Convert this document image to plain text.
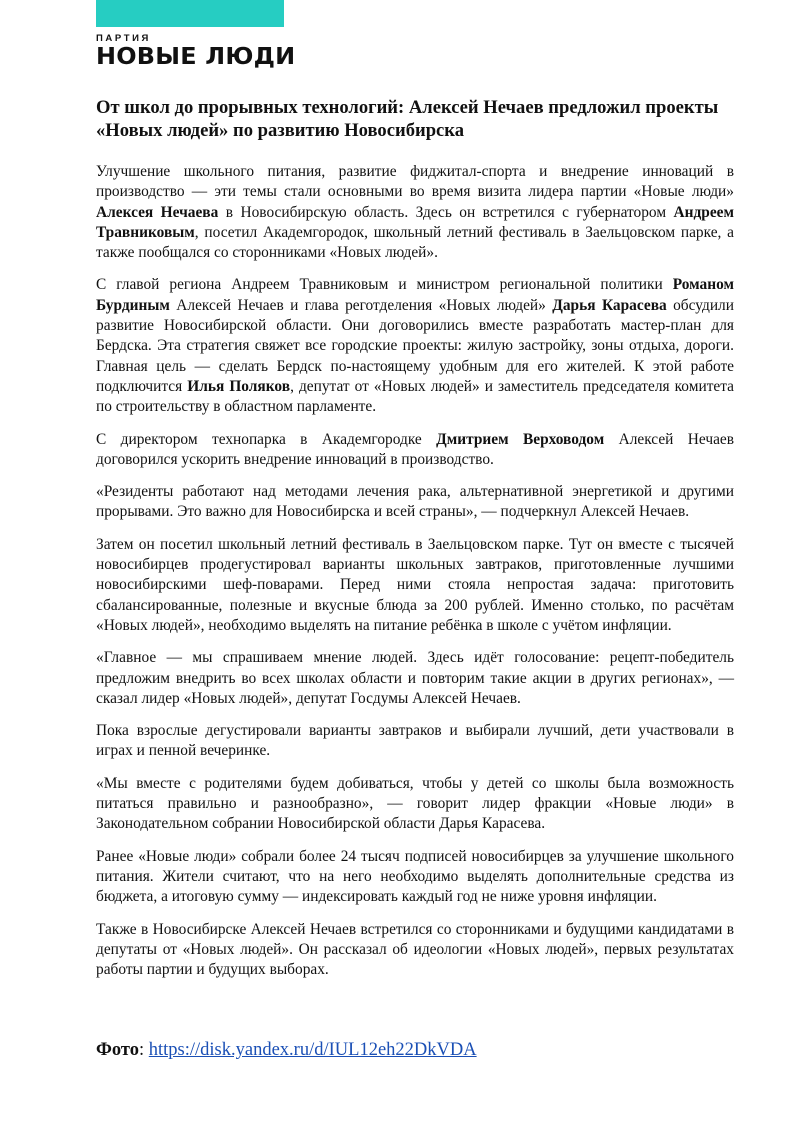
ПАРТИЯ
НОВЫЕ ЛЮДИ
От школ до прорывных технологий: Алексей Нечаев предложил проекты «Новых людей» по развитию Новосибирска

Улучшение школьного питания, развитие фиджитал-спорта и внедрение инноваций в производство — эти темы стали основными во время визита лидера партии «Новые люди» Алексея Нечаева в Новосибирскую область. Здесь он встретился с губернатором Андреем Травниковым, посетил Академгородок, школьный летний фестиваль в Заельцовском парке, а также пообщался со сторонниками «Новых людей».

С главой региона Андреем Травниковым и министром региональной политики Романом Бурдиным Алексей Нечаев и глава реготделения «Новых людей» Дарья Карасева обсудили развитие Новосибирской области. Они договорились вместе разработать мастер-план для Бердска. Эта стратегия свяжет все городские проекты: жилую застройку, зоны отдыха, дороги. Главная цель — сделать Бердск по-настоящему удобным для его жителей. К этой работе подключится Илья Поляков, депутат от «Новых людей» и заместитель председателя комитета по строительству в областном парламенте.

С директором технопарка в Академгородке Дмитрием Верховодом Алексей Нечаев договорился ускорить внедрение инноваций в производство.

«Резиденты работают над методами лечения рака, альтернативной энергетикой и другими прорывами. Это важно для Новосибирска и всей страны», — подчеркнул Алексей Нечаев.

Затем он посетил школьный летний фестиваль в Заельцовском парке. Тут он вместе с тысячей новосибирцев продегустировал варианты школьных завтраков, приготовленные лучшими новосибирскими шеф-поварами. Перед ними стояла непростая задача: приготовить сбалансированные, полезные и вкусные блюда за 200 рублей. Именно столько, по расчётам «Новых людей», необходимо выделять на питание ребёнка в школе с учётом инфляции.

«Главное — мы спрашиваем мнение людей. Здесь идёт голосование: рецепт-победитель предложим внедрить во всех школах области и повторим такие акции в других регионах», — сказал лидер «Новых людей», депутат Госдумы Алексей Нечаев.

Пока взрослые дегустировали варианты завтраков и выбирали лучший, дети участвовали в играх и пенной вечеринке.

«Мы вместе с родителями будем добиваться, чтобы у детей со школы была возможность питаться правильно и разнообразно», — говорит лидер фракции «Новые люди» в Законодательном собрании Новосибирской области Дарья Карасева.

Ранее «Новые люди» собрали более 24 тысяч подписей новосибирцев за улучшение школьного питания. Жители считают, что на него необходимо выделять дополнительные средства из бюджета, а итоговую сумму — индексировать каждый год не ниже уровня инфляции.

Также в Новосибирске Алексей Нечаев встретился со сторонниками и будущими кандидатами в депутаты от «Новых людей». Он рассказал об идеологии «Новых людей», первых результатах работы партии и будущих выборах.

Фото: https://disk.yandex.ru/d/IUL12eh22DkVDA
